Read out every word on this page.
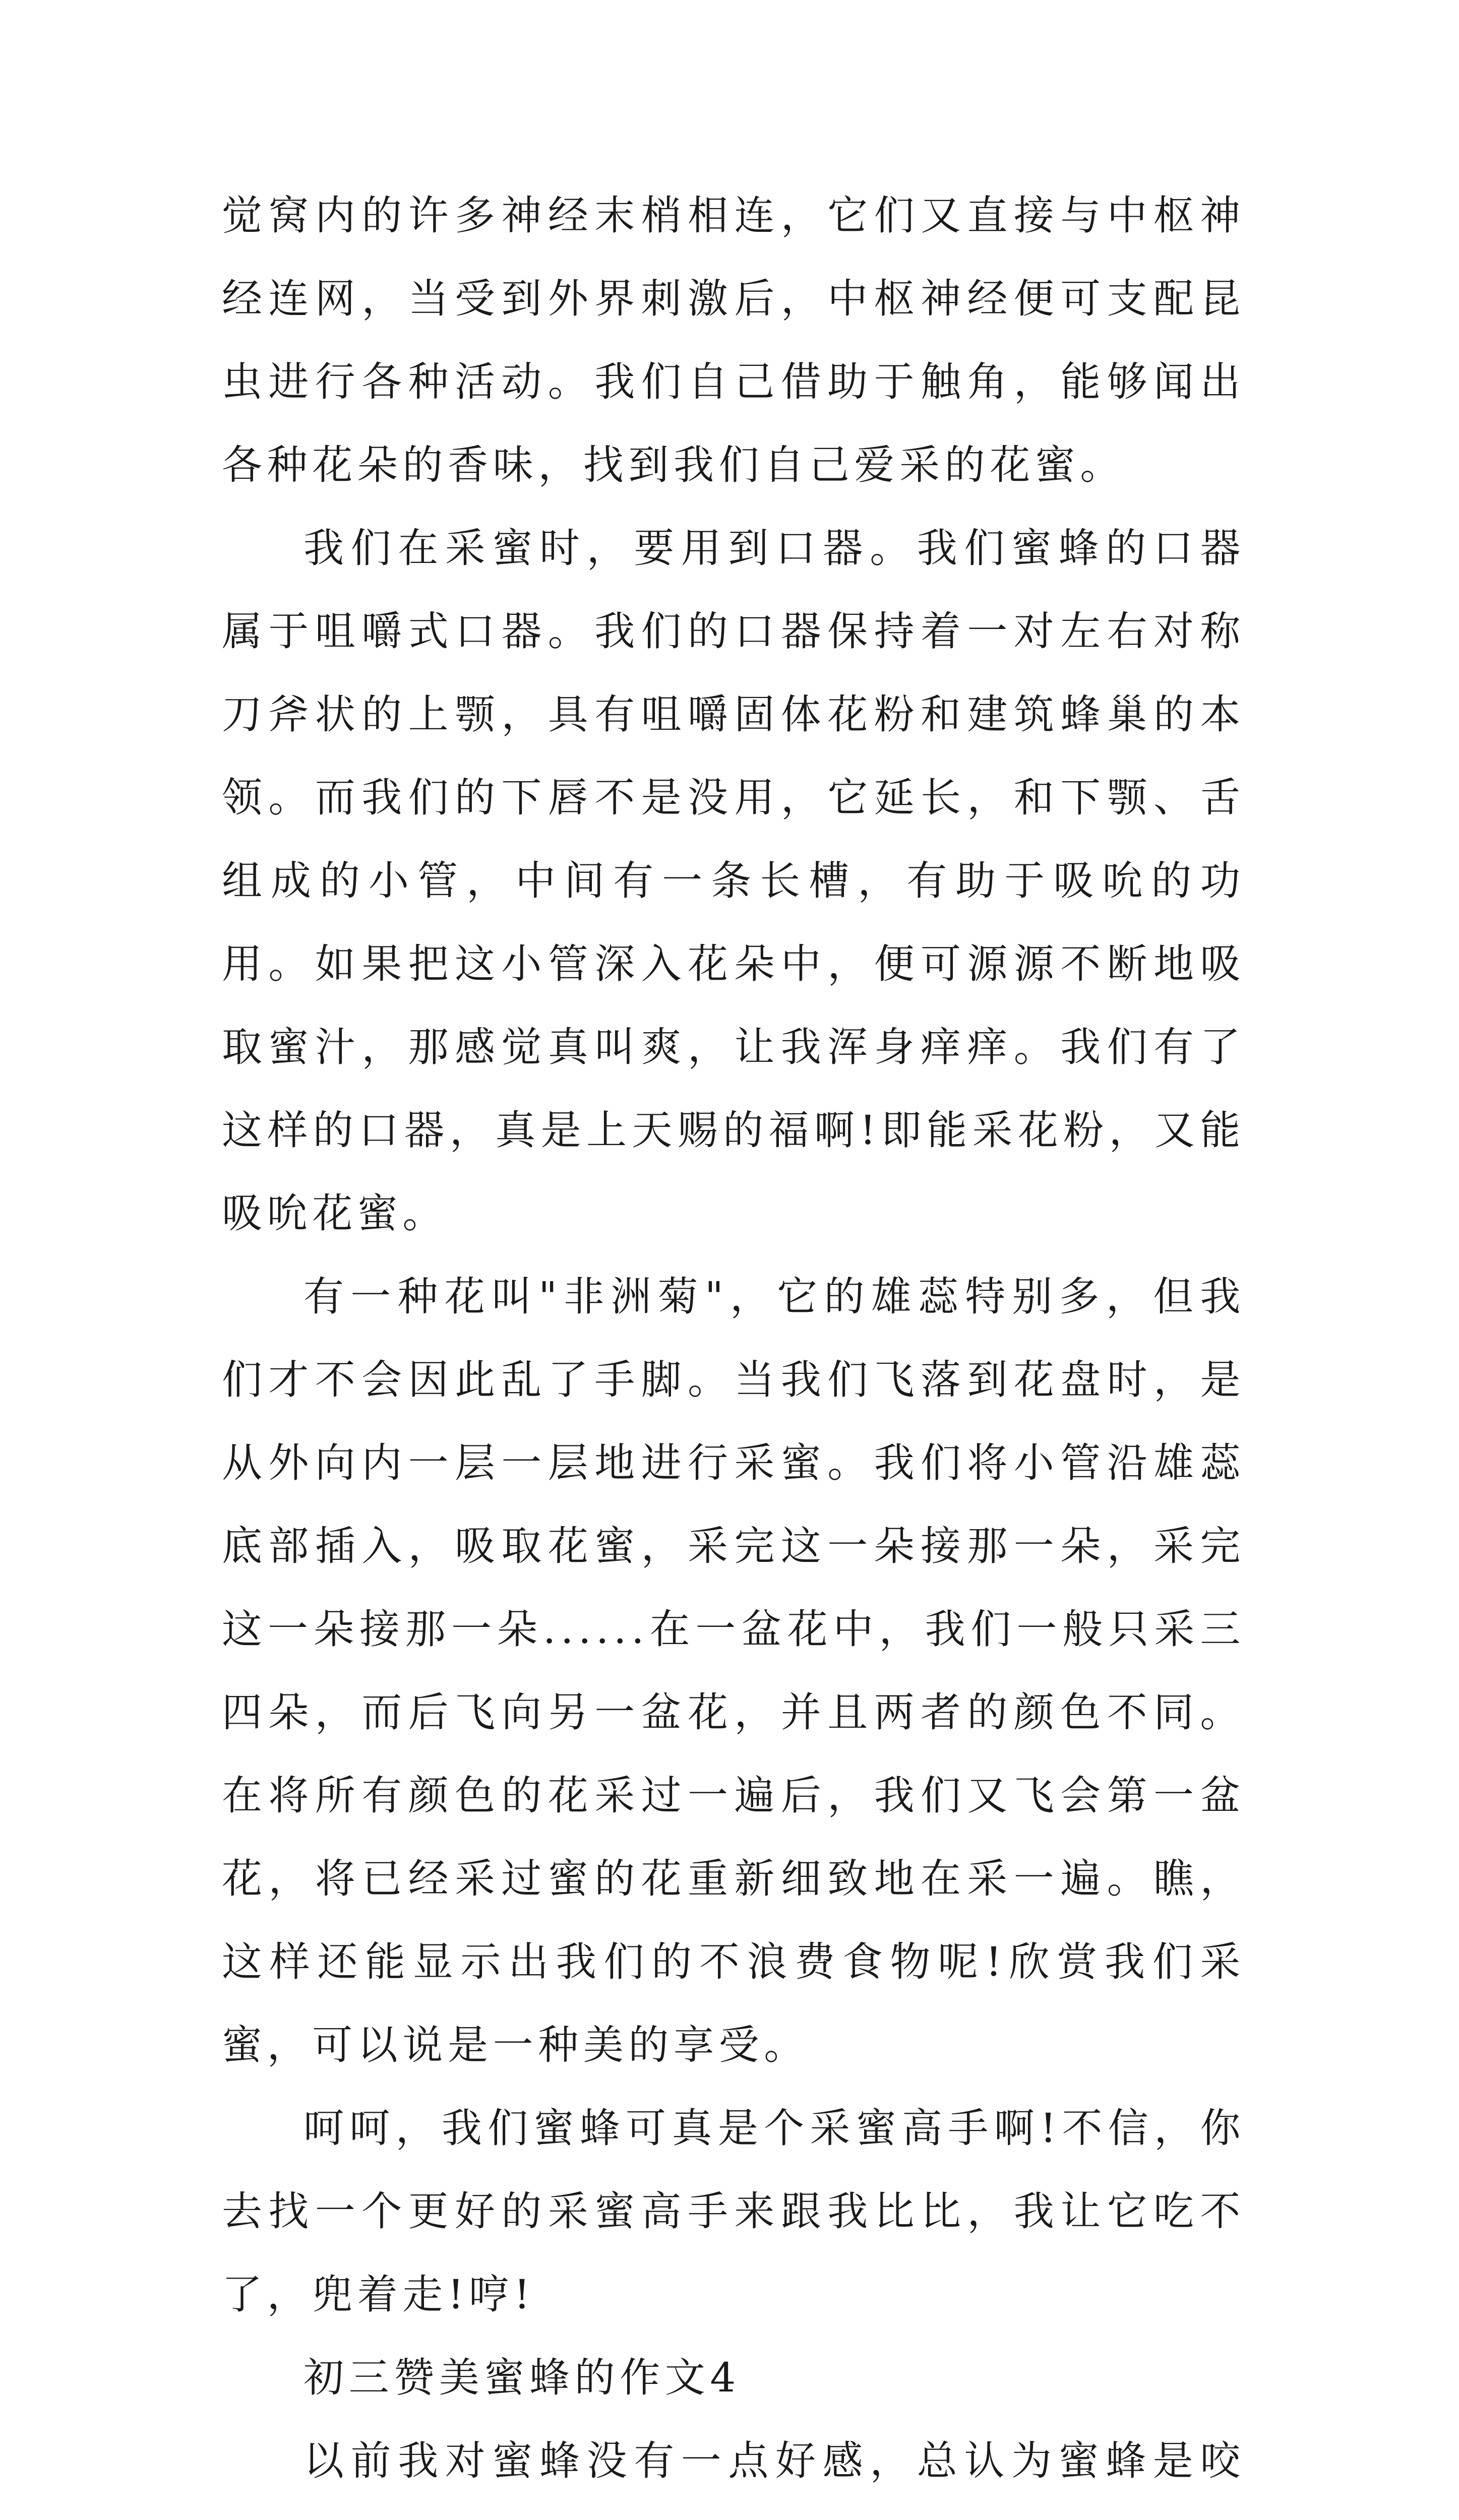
觉窝内的许多神经末梢相连，它们又直接与中枢神经连网，当受到外界刺激后，中枢神经便可支配昆虫进行各种活动。我们自己借助于触角，能够闻出各种花朵的香味，找到我们自己爱采的花蜜。

我们在采蜜时，要用到口器。我们蜜蜂的口器属于咀嚼式口器。我们的口器保持着一对左右对称刀斧状的上颚，具有咀嚼固体花粉和建筑蜂巢的本领。而我们的下唇不是没用，它延长，和下颚、舌组成的小管，中间有一条长槽，有助于吸吮的功用。如果把这小管深入花朵中，便可源源不断地吸取蜜汁，那感觉真叫爽，让我浑身痒痒。我们有了这样的口器，真是上天赐的福啊!即能采花粉，又能吸吮花蜜。

有一种花叫"非洲菊"，它的雄蕊特别多，但我们才不会因此乱了手脚。当我们飞落到花盘时，是从外向内一层一层地进行采蜜。我们将小管沿雄蕊底部插入，吸取花蜜，采完这一朵接那一朵，采完这一朵接那一朵......在一盆花中，我们一般只采三四朵，而后飞向另一盆花，并且两者的颜色不同。在将所有颜色的花采过一遍后，我们又飞会第一盆花，将已经采过蜜的花重新细致地在采一遍。瞧，这样还能显示出我们的不浪费食物呢!欣赏我们采蜜，可以说是一种美的享受。

呵呵，我们蜜蜂可真是个采蜜高手啊!不信，你去找一个更好的采蜜高手来跟我比比，我让它吃不了，兜着走!哼!

初三赞美蜜蜂的作文4

以前我对蜜蜂没有一点好感，总认为蜜蜂是咬
